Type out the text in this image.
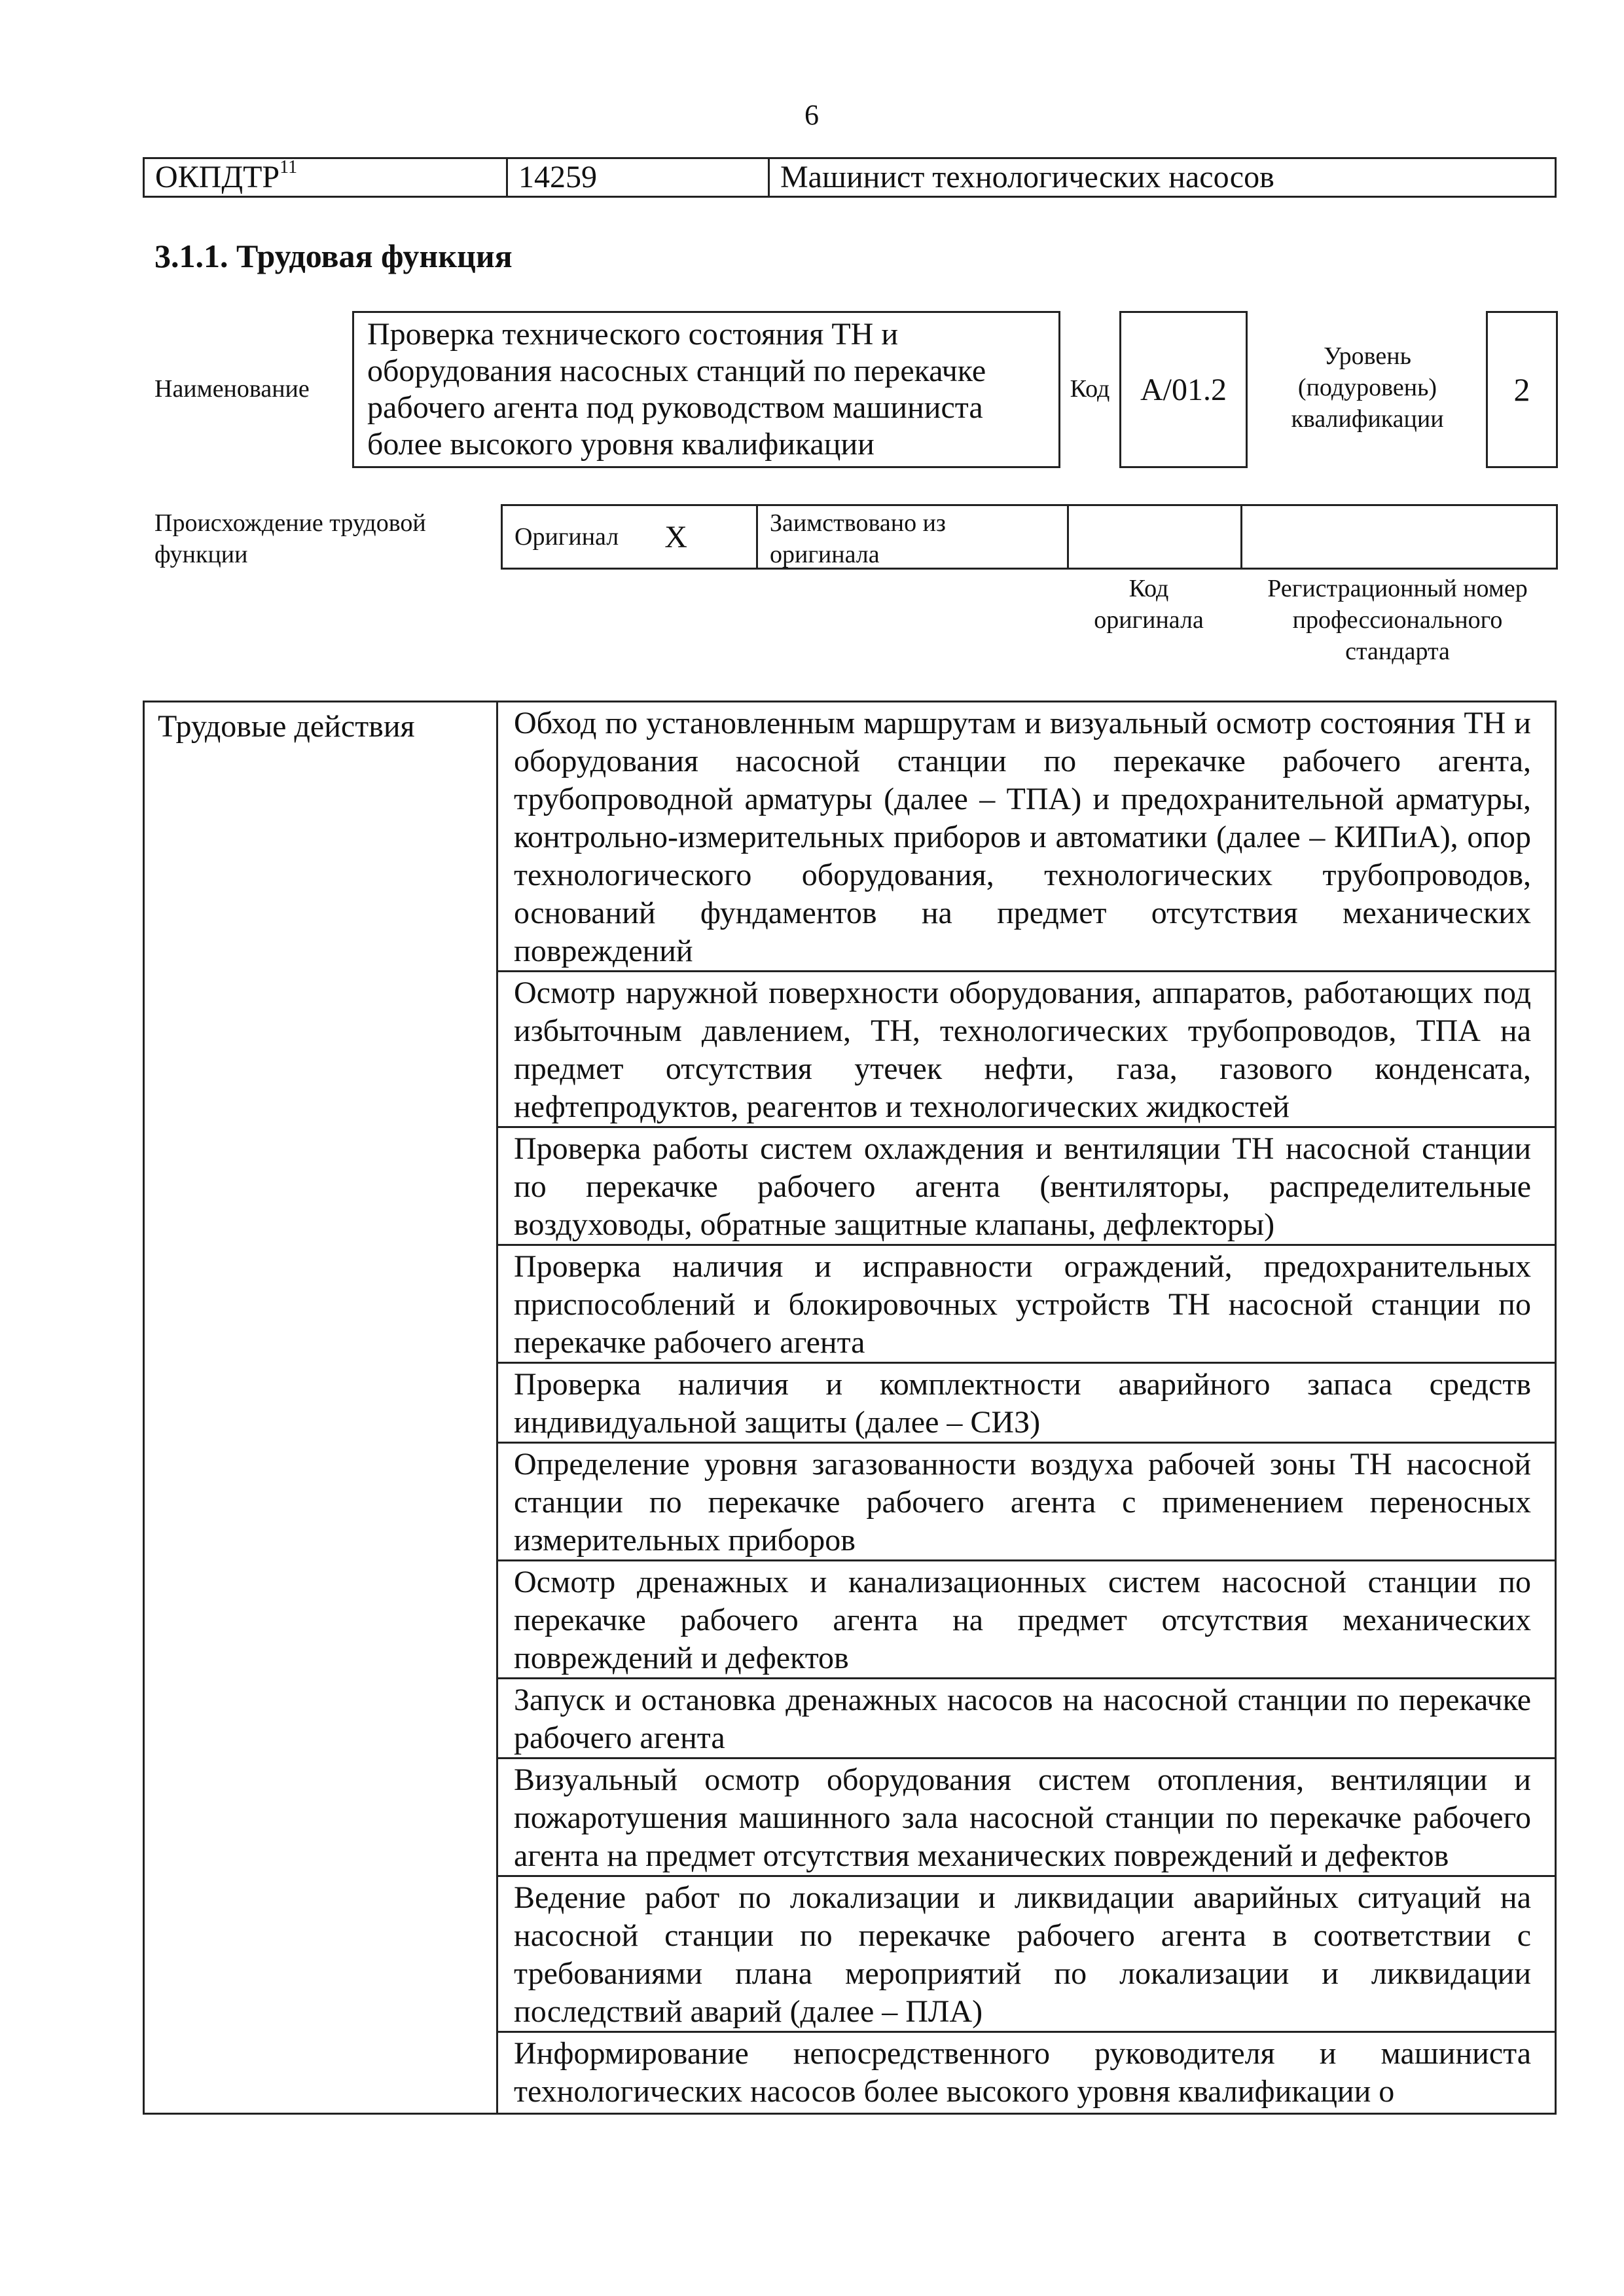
6
ОКПДТР$^{11}$	14259	Машинист технологических насосов
3.1.1. Трудовая функция
Наименование
Проверка технического состояния ТН и
оборудования насосных станций по перекачке
рабочего агента под руководством машиниста
более высокого уровня квалификации
Код A/01.2
Уровень
(подуровень)
квалификации
2
Происхождение трудовой
функции
Оригинал X	Заимствовано из
оригинала
Код
оригинала
Регистрационный номер
профессионального
стандарта
Трудовые действия	Обход по установленным маршрутам и визуальный осмотр состояния ТН и оборудования насосной станции по перекачке рабочего агента, трубопроводной арматуры (далее – ТПА) и предохранительной арматуры, контрольно-измерительных приборов и автоматики (далее – КИПиА), опор технологического оборудования, технологических трубопроводов, оснований фундаментов на предмет отсутствия механических повреждений
Осмотр наружной поверхности оборудования, аппаратов, работающих под избыточным давлением, ТН, технологических трубопроводов, ТПА на предмет отсутствия утечек нефти, газа, газового конденсата, нефтепродуктов, реагентов и технологических жидкостей
Проверка работы систем охлаждения и вентиляции ТН насосной станции по перекачке рабочего агента (вентиляторы, распределительные воздуховоды, обратные защитные клапаны, дефлекторы)
Проверка наличия и исправности ограждений, предохранительных приспособлений и блокировочных устройств ТН насосной станции по перекачке рабочего агента
Проверка наличия и комплектности аварийного запаса средств индивидуальной защиты (далее – СИЗ)
Определение уровня загазованности воздуха рабочей зоны ТН насосной станции по перекачке рабочего агента с применением переносных измерительных приборов
Осмотр дренажных и канализационных систем насосной станции по перекачке рабочего агента на предмет отсутствия механических повреждений и дефектов
Запуск и остановка дренажных насосов на насосной станции по перекачке рабочего агента
Визуальный осмотр оборудования систем отопления, вентиляции и пожаротушения машинного зала насосной станции по перекачке рабочего агента на предмет отсутствия механических повреждений и дефектов
Ведение работ по локализации и ликвидации аварийных ситуаций на насосной станции по перекачке рабочего агента в соответствии с требованиями плана мероприятий по локализации и ликвидации последствий аварий (далее – ПЛА)
Информирование непосредственного руководителя и машиниста технологических насосов более высокого уровня квалификации о
